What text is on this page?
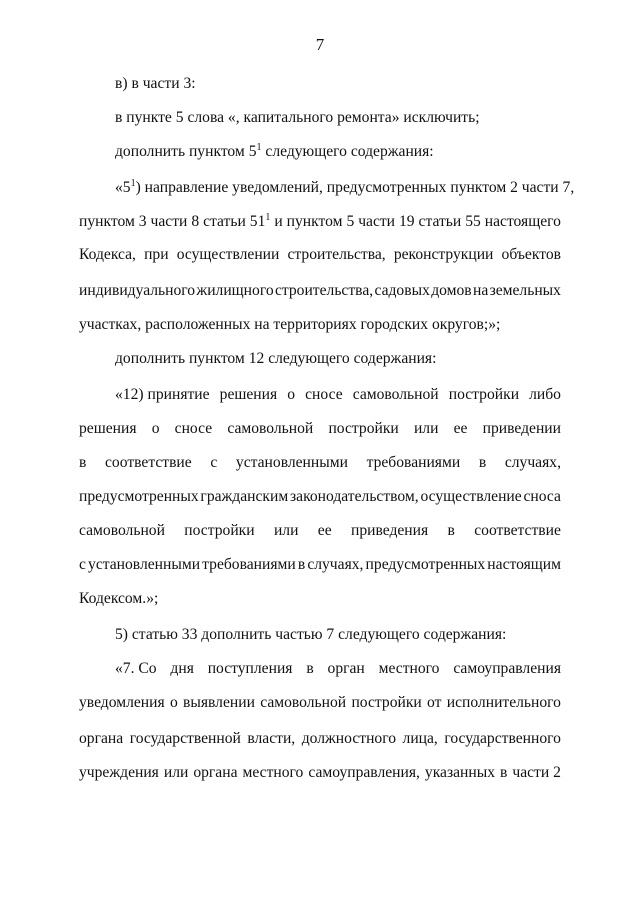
7
в) в части 3:
в пункте 5 слова «, капитального ремонта» исключить;
дополнить пунктом $5^1$ следующего содержания:
«$5^1$) направление уведомлений, предусмотренных пунктом 2 части 7,
пунктом 3 части 8 статьи $51^1$ и пунктом 5 части 19 статьи 55 настоящего
Кодекса, при осуществлении строительства, реконструкции объектов
индивидуального жилищного строительства, садовых домов на земельных
участках, расположенных на территориях городских округов;»;
дополнить пунктом 12 следующего содержания:
«12) принятие решения о сносе самовольной постройки либо
решения о сносе самовольной постройки или ее приведении
в соответствие с установленными требованиями в случаях,
предусмотренных гражданским законодательством, осуществление сноса
самовольной постройки или ее приведения в соответствие
с установленными требованиями в случаях, предусмотренных настоящим
Кодексом.»;
5) статью 33 дополнить частью 7 следующего содержания:
«7. Со дня поступления в орган местного самоуправления
уведомления о выявлении самовольной постройки от исполнительного
органа государственной власти, должностного лица, государственного
учреждения или органа местного самоуправления, указанных в части 2
